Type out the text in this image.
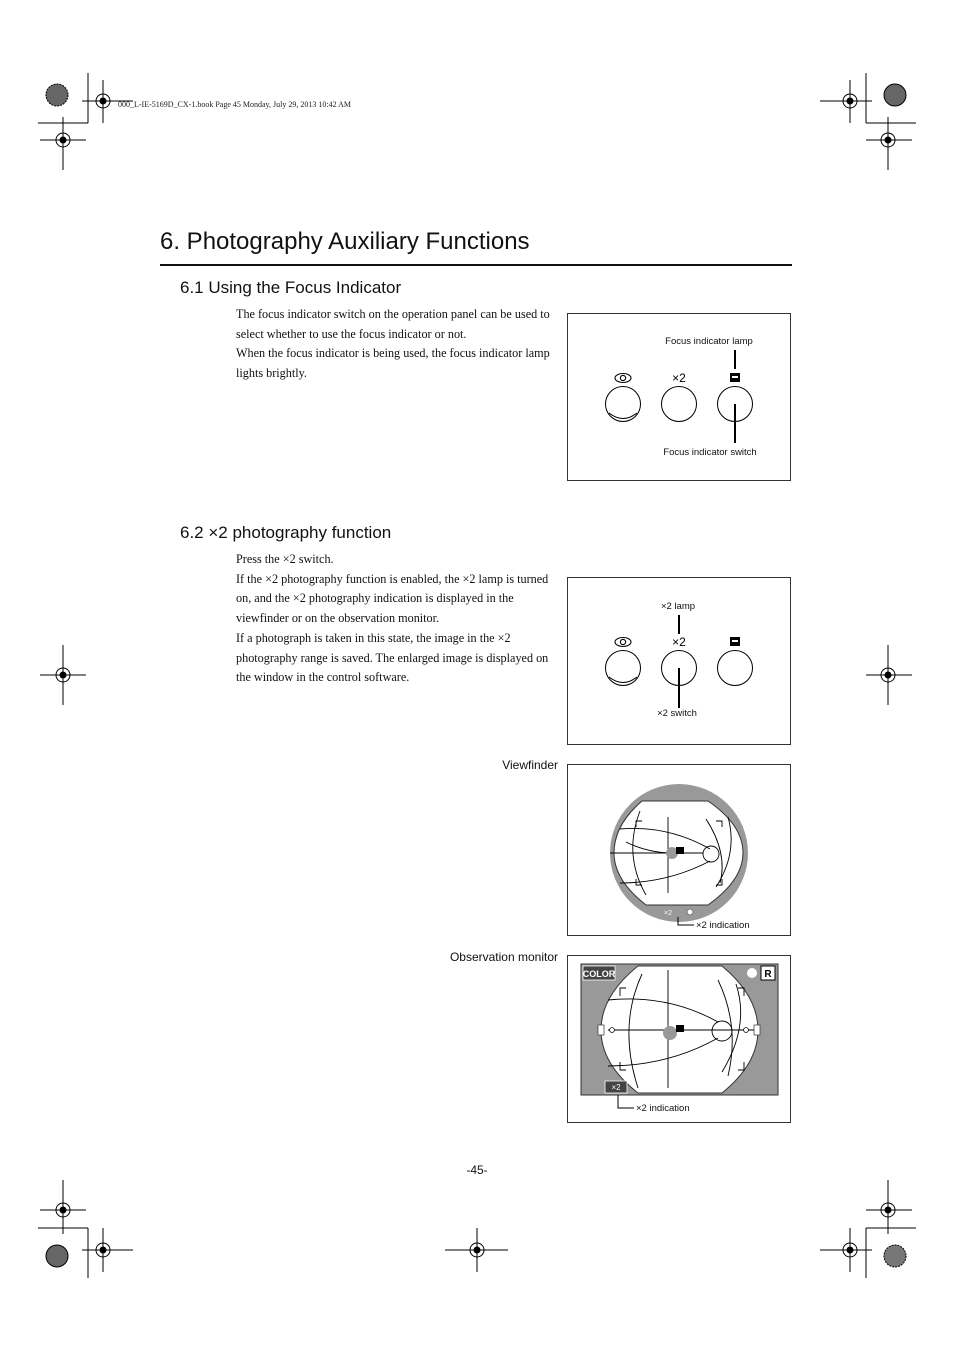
000_L-IE-5169D_CX-1.book Page 45 Monday, July 29, 2013 10:42 AM
6. Photography Auxiliary Functions
6.1 Using the Focus Indicator

The focus indicator switch on the operation panel can be used to select whether to use the focus indicator or not.

When the focus indicator is being used, the focus indicator lamp lights brightly.

Focus indicator lamp
×2
Focus indicator switch
6.2 ×2 photography function

Press the ×2 switch.

If the ×2 photography function is enabled, the ×2 lamp is turned on, and the ×2 photography indication is displayed in the viewfinder or on the observation monitor.

If a photograph is taken in this state, the image in the ×2 photography range is saved. The enlarged image is displayed on the window in the control software.

×2 lamp
×2
×2 switch
Viewfinder
×2
×2 indication
Observation monitor
COLOR	R
×2
×2 indication
-45-
